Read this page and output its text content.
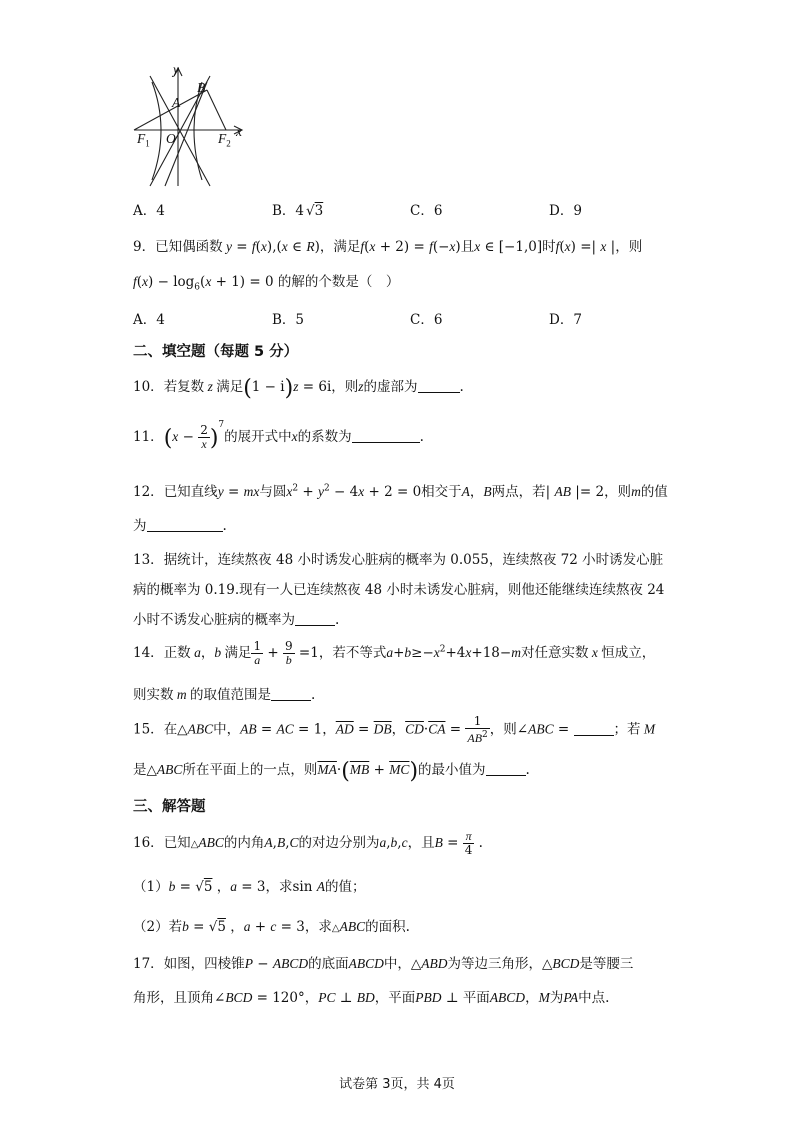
y
B
A
x
O
$F_1$	$F_2$
A．4	B．4 √3	C．6	D．9
9．已知偶函数 y = f(x),(x ∈ R)，满足f(x + 2) = f(−x)且x ∈ [−1,0]时f(x) =| x |，则
$f(x) - \log_6(x + 1) = 0$ 的解的个数是（　）
A．4	B．5	C．6	D．7
二、填空题（每题 5 分）
10．若复数 z 满足(1 − i)z = 6i，则z的虚部为	.
11．$(x - \frac{2}{x} )^7$的展开式中x的系数为	.
12．已知直线y = mx与圆$x^2 + y^2 - 4x + 2 = 0$相交于A，B两点，若| AB |= 2，则m的值
为	.
13．据统计，连续熬夜 48 小时诱发心脏病的概率为 0.055，连续熬夜 72 小时诱发心脏
病的概率为 0.19.现有一人已连续熬夜 48 小时未诱发心脏病，则他还能继续连续熬夜 24
小时不诱发心脏病的概率为	.
14．正数 a，b 满足 $\frac{1}{a} + \frac{9}{b} =1$，若不等式$a+b\ge-x^2+4x+18-m$对任意实数 x 恒成立，
则实数 m 的取值范围是	.
15．在△ABC中，AB = AC = 1，$\overline{AD} = \overline{DB}$，$\overline{CD}\cdot\overline{CA} = \frac{1}{AB^2}$ ，则∠ABC =	；若 M
是△ABC所在平面上的一点，则$\overline{MA}\cdot(\overline{MB} + \overline{MC})$的最小值为	.
三、解答题
16．已知△ABC的内角A,B,C的对边分别为a,b,c，且$B = \frac{\pi}{4}$ .
（1）b = √5 ，a = 3，求sin A的值；
（2）若b = √5 ，a + c = 3，求△ABC的面积.
17．如图，四棱锥P − ABCD的底面ABCD中，△ABD为等边三角形，△BCD是等腰三
角形，且顶角∠BCD = 120°，PC ⊥ BD，平面PBD ⊥ 平面ABCD，M为PA中点.
试卷第 3页，共 4页
